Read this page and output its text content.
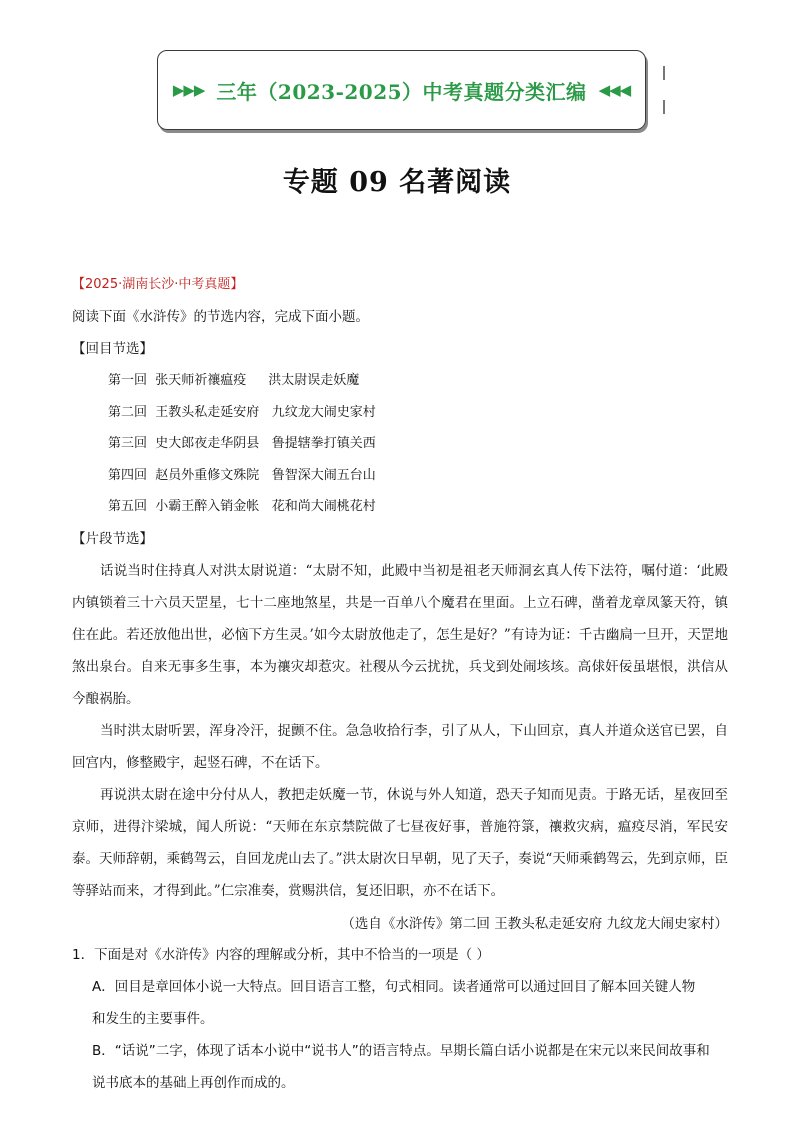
▶▶▶ 三年（2023-2025）中考真题分类汇编 ◀◀◀
专题 09 名著阅读
【2025·湖南长沙·中考真题】
阅读下面《水浒传》的节选内容，完成下面小题。
【回目节选】
第一回 张天师祈禳瘟疫 洪太尉误走妖魔
第二回 王教头私走延安府 九纹龙大闹史家村
第三回 史大郎夜走华阴县 鲁提辖拳打镇关西
第四回 赵员外重修文殊院 鲁智深大闹五台山
第五回 小霸王醉入销金帐 花和尚大闹桃花村
【片段节选】
话说当时住持真人对洪太尉说道：“太尉不知，此殿中当初是祖老天师洞玄真人传下法符，嘱付道：‘此殿内镇锁着三十六员天罡星，七十二座地煞星，共是一百单八个魔君在里面。上立石碑，凿着龙章凤篆天符，镇住在此。若还放他出世，必恼下方生灵。’如今太尉放他走了，怎生是好？”有诗为证：千古幽扃一旦开，天罡地煞出泉台。自来无事多生事，本为禳灾却惹灾。社稷从今云扰扰，兵戈到处闹垓垓。高俅奸佞虽堪恨，洪信从今酿祸胎。
当时洪太尉听罢，浑身冷汗，捉颤不住。急急收拾行李，引了从人，下山回京，真人并道众送官已罢，自回宫内，修整殿宇，起竖石碑，不在话下。
再说洪太尉在途中分付从人，教把走妖魔一节，休说与外人知道，恐天子知而见责。于路无话，星夜回至京师，进得汴梁城，闻人所说：“天师在东京禁院做了七昼夜好事，普施符箓，禳救灾病，瘟疫尽消，军民安泰。天师辞朝，乘鹤驾云，自回龙虎山去了。”洪太尉次日早朝，见了天子，奏说“天师乘鹤驾云，先到京师，臣等驿站而来，才得到此。”仁宗准奏，赏赐洪信，复还旧职，亦不在话下。
（选自《水浒传》第二回 王教头私走延安府 九纹龙大闹史家村）
1．下面是对《水浒传》内容的理解或分析，其中不恰当的一项是（ ）
A．回目是章回体小说一大特点。回目语言工整，句式相同。读者通常可以通过回目了解本回关键人物
和发生的主要事件。
B．“话说”二字，体现了话本小说中“说书人”的语言特点。早期长篇白话小说都是在宋元以来民间故事和
说书底本的基础上再创作而成的。
